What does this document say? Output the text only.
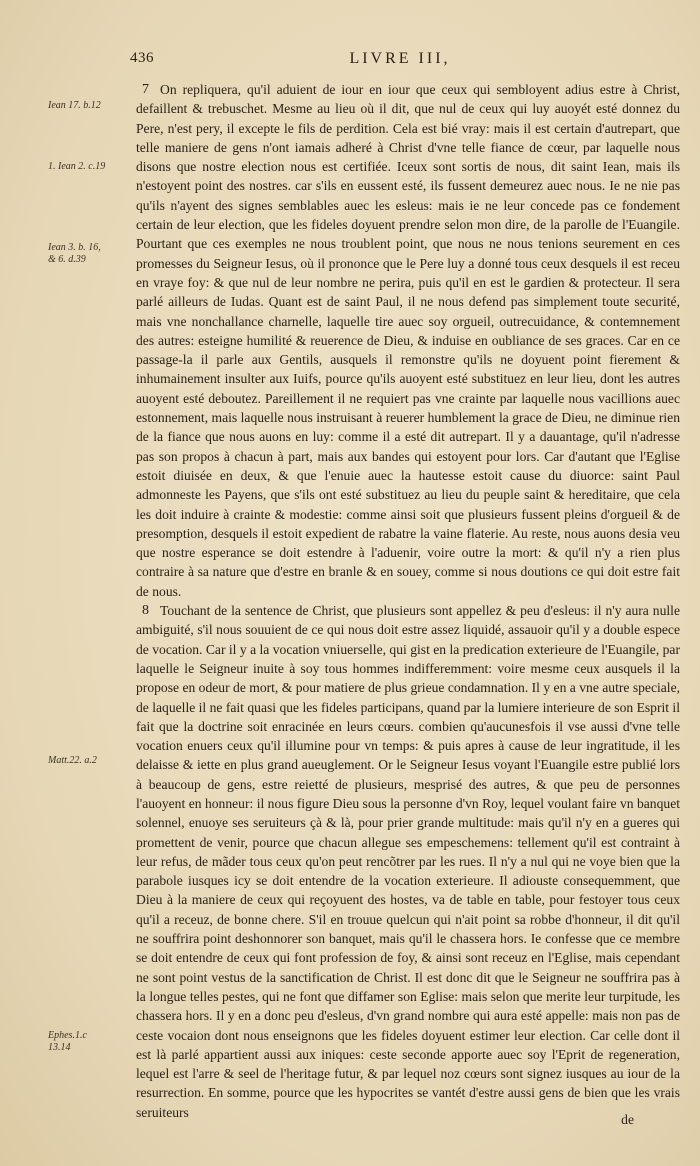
436	LIVRE III,
Iean 17. b.12
1. Iean 2. c.19
Iean 3. b. 16, & 6. d.39
Matt.22. a.2
Ephes.1.c 13.14
7 On repliquera, qu'il aduient de iour en iour que ceux qui sembloyent adius estre à Christ, defaillent & trebuschet. Mesme au lieu où il dit, que nul de ceux qui luy auoyét esté donnez du Pere, n'est pery, il excepte le fils de perdition. Cela est bié vray: mais il est certain d'autrepart, que telle maniere de gens n'ont iamais adheré à Christ d'vne telle fiance de cœur, par laquelle nous disons que nostre election nous est certifiée. Iceux sont sortis de nous, dit saint Iean, mais ils n'estoyent point des nostres. car s'ils en eussent esté, ils fussent demeurez auec nous. Ie ne nie pas qu'ils n'ayent des signes semblables auec les esleus: mais ie ne leur concede pas ce fondement certain de leur election, que les fideles doyuent prendre selon mon dire, de la parolle de l'Euangile. Pourtant que ces exemples ne nous troublent point, que nous ne nous tenions seurement en ces promesses du Seigneur Iesus, où il prononce que le Pere luy a donné tous ceux desquels il est receu en vraye foy: & que nul de leur nombre ne perira, puis qu'il en est le gardien & protecteur. Il sera parlé ailleurs de Iudas. Quant est de saint Paul, il ne nous defend pas simplement toute securité, mais vne nonchallance charnelle, laquelle tire auec soy orgueil, outrecuidance, & contemnement des autres: esteigne humilité & reuerence de Dieu, & induise en oubliance de ses graces. Car en ce passage-la il parle aux Gentils, ausquels il remonstre qu'ils ne doyuent point fierement & inhumainement insulter aux Iuifs, pource qu'ils auoyent esté substituez en leur lieu, dont les autres auoyent esté deboutez. Pareillement il ne requiert pas vne crainte par laquelle nous vacillions auec estonnement, mais laquelle nous instruisant à reuerer humblement la grace de Dieu, ne diminue rien de la fiance que nous auons en luy: comme il a esté dit autrepart. Il y a dauantage, qu'il n'adresse pas son propos à chacun à part, mais aux bandes qui estoyent pour lors. Car d'autant que l'Eglise estoit diuisée en deux, & que l'enuie auec la hautesse estoit cause du diuorce: saint Paul admonneste les Payens, que s'ils ont esté substituez au lieu du peuple saint & hereditaire, que cela les doit induire à crainte & modestie: comme ainsi soit que plusieurs fussent pleins d'orgueil & de presomption, desquels il estoit expedient de rabatre la vaine flaterie. Au reste, nous auons desia veu que nostre esperance se doit estendre à l'aduenir, voire outre la mort: & qu'il n'y a rien plus contraire à sa nature que d'estre en branle & en souey, comme si nous doutions ce qui doit estre fait de nous.
8 Touchant de la sentence de Christ, que plusieurs sont appellez & peu d'esleus: il n'y aura nulle ambiguité, s'il nous souuient de ce qui nous doit estre assez liquidé, assauoir qu'il y a double espece de vocation. Car il y a la vocation vniuerselle, qui gist en la predication exterieure de l'Euangile, par laquelle le Seigneur inuite à soy tous hommes indifferemment: voire mesme ceux ausquels il la propose en odeur de mort, & pour matiere de plus grieue condamnation. Il y en a vne autre speciale, de laquelle il ne fait quasi que les fideles participans, quand par la lumiere interieure de son Esprit il fait que la doctrine soit enracinée en leurs cœurs. combien qu'aucunesfois il vse aussi d'vne telle vocation enuers ceux qu'il illumine pour vn temps: & puis apres à cause de leur ingratitude, il les delaisse & iette en plus grand aueuglement. Or le Seigneur Iesus voyant l'Euangile estre publié lors à beaucoup de gens, estre reietté de plusieurs, mesprisé des autres, & que peu de personnes l'auoyent en honneur: il nous figure Dieu sous la personne d'vn Roy, lequel voulant faire vn banquet solennel, enuoye ses seruiteurs çà & là, pour prier grande multitude: mais qu'il n'y en a gueres qui promettent de venir, pource que chacun allegue ses empeschemens: tellement qu'il est contraint à leur refus, de mãder tous ceux qu'on peut rencõtrer par les rues. Il n'y a nul qui ne voye bien que la parabole iusques icy se doit entendre de la vocation exterieure. Il adiouste consequemment, que Dieu à la maniere de ceux qui reçoyuent des hostes, va de table en table, pour festoyer tous ceux qu'il a receuz, de bonne chere. S'il en trouue quelcun qui n'ait point sa robbe d'honneur, il dit qu'il ne souffrira point deshonnorer son banquet, mais qu'il le chassera hors. Ie confesse que ce membre se doit entendre de ceux qui font profession de foy, & ainsi sont receuz en l'Eglise, mais cependant ne sont point vestus de la sanctification de Christ. Il est donc dit que le Seigneur ne souffrira pas à la longue telles pestes, qui ne font que diffamer son Eglise: mais selon que merite leur turpitude, les chassera hors. Il y en a donc peu d'esleus, d'vn grand nombre qui aura esté appelle: mais non pas de ceste vocaion dont nous enseignons que les fideles doyuent estimer leur election. Car celle dont il est là parlé appartient aussi aux iniques: ceste seconde apporte auec soy l'Eprit de regeneration, lequel est l'arre & seel de l'heritage futur, & par lequel noz cœurs sont signez iusques au iour de la resurrection. En somme, pource que les hypocrites se vantét d'estre aussi gens de bien que les vrais seruiteurs	de
